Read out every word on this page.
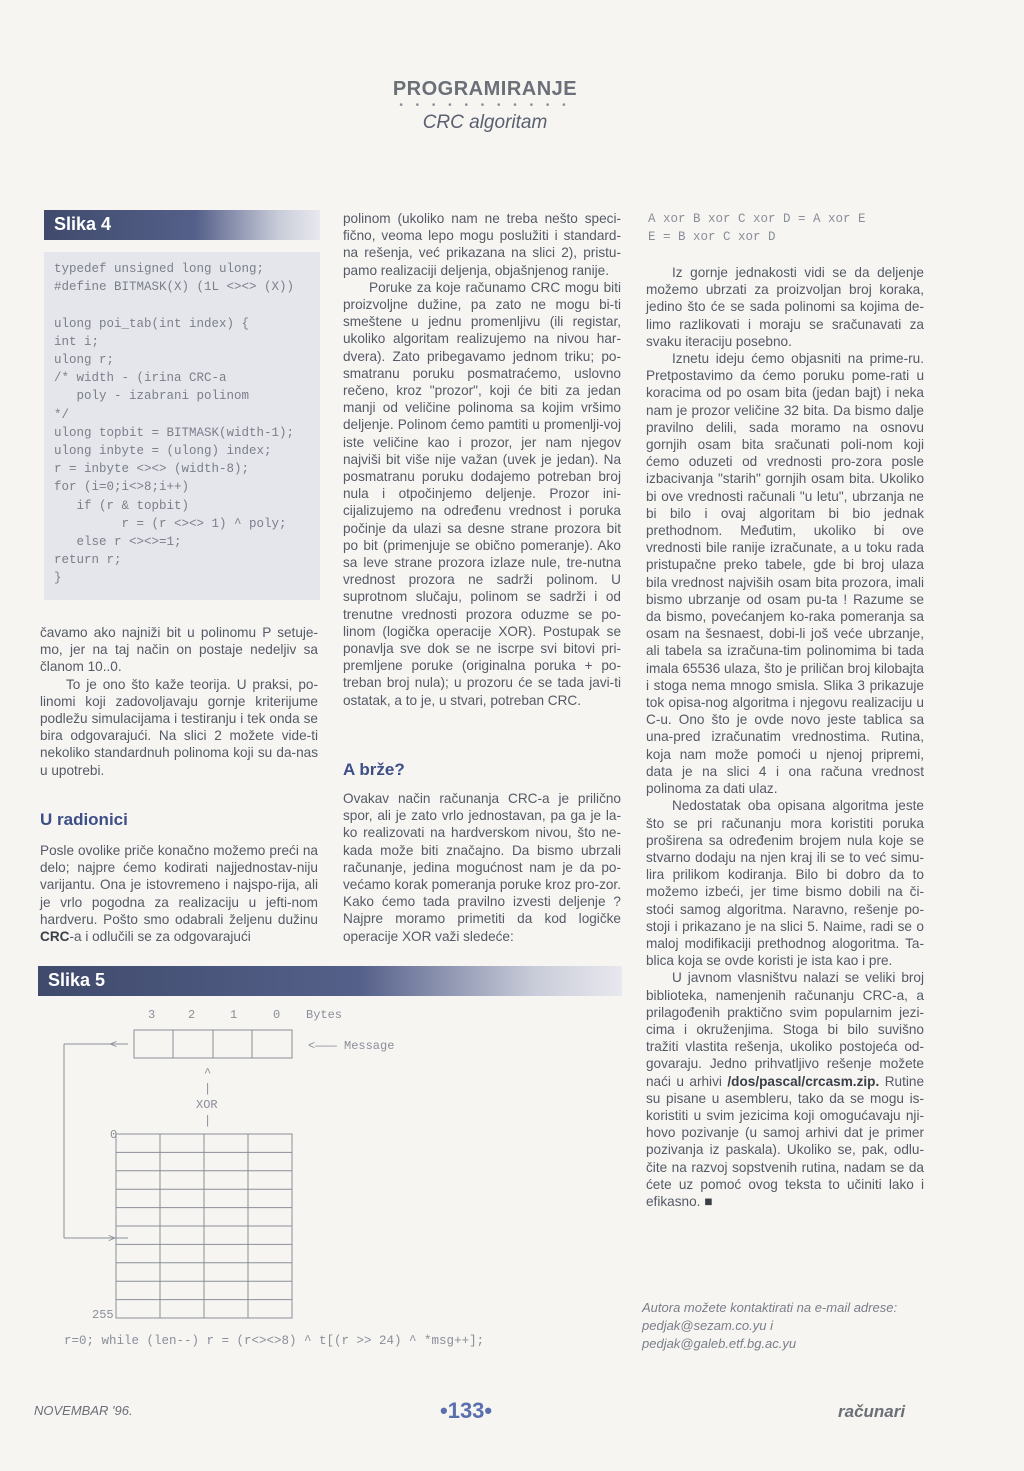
PROGRAMIRANJE
• • • • • • • • • • •
CRC algoritam
Slika 4
typedef unsigned long ulong;
#define BITMASK(X) (1L <><> (X))

ulong poi_tab(int index) {
int i;
ulong r;
/* width - (irina CRC-a
poly - izabrani polinom
*/
ulong topbit = BITMASK(width-1);
ulong inbyte = (ulong) index;
r = inbyte <><> (width-8);
for (i=0;i<>8;i++)
if (r & topbit)
r = (r <><> 1) ^ poly;
else r <><>=1;
return r;
}

čavamo ako najniži bit u polinomu P setuje-mo, jer na taj način on postaje nedeljiv sa članom 10..0.

To je ono što kaže teorija. U praksi, po-linomi koji zadovoljavaju gornje kriterijume podležu simulacijama i testiranju i tek onda se bira odgovarajući. Na slici 2 možete vide-ti nekoliko standardnuh polinoma koji su da-nas u upotrebi.

U radionici

Posle ovolike priče konačno možemo preći na delo; najpre ćemo kodirati najjednostav-niju varijantu. Ona je istovremeno i najspo-rija, ali je vrlo pogodna za realizaciju u jefti-nom hardveru. Pošto smo odabrali željenu dužinu CRC-a i odlučili se za odgovarajući

polinom (ukoliko nam ne treba nešto speci-fično, veoma lepo mogu poslužiti i standard-na rešenja, već prikazana na slici 2), pristu-pamo realizaciji deljenja, objašnjenog ranije.

Poruke za koje računamo CRC mogu biti proizvoljne dužine, pa zato ne mogu bi-ti smeštene u jednu promenljivu (ili registar, ukoliko algoritam realizujemo na nivou har-dvera). Zato pribegavamo jednom triku; po-smatranu poruku posmatraćemo, uslovno rečeno, kroz "prozor", koji će biti za jedan manji od veličine polinoma sa kojim vršimo deljenje. Polinom ćemo pamtiti u promenlji-voj iste veličine kao i prozor, jer nam njegov najviši bit više nije važan (uvek je jedan). Na posmatranu poruku dodajemo potreban broj nula i otpočinjemo deljenje. Prozor ini-cijalizujemo na određenu vrednost i poruka počinje da ulazi sa desne strane prozora bit po bit (primenjuje se obično pomeranje). Ako sa leve strane prozora izlaze nule, tre-nutna vrednost prozora ne sadrži polinom. U suprotnom slučaju, polinom se sadrži i od trenutne vrednosti prozora oduzme se po-linom (logička operacije XOR). Postupak se ponavlja sve dok se ne iscrpe svi bitovi pri-premljene poruke (originalna poruka + po-treban broj nula); u prozoru će se tada javi-ti ostatak, a to je, u stvari, potreban CRC.

A brže?

Ovakav način računanja CRC-a je prilično spor, ali je zato vrlo jednostavan, pa ga je la-ko realizovati na hardverskom nivou, što ne-kada može biti značajno. Da bismo ubrzali računanje, jedina mogućnost nam je da po-većamo korak pomeranja poruke kroz pro-zor. Kako ćemo tada pravilno izvesti deljenje ? Najpre moramo primetiti da kod logičke operacije XOR važi sledeće:

A xor B xor C xor D = A xor E
E = B xor C xor D

Iz gornje jednakosti vidi se da deljenje možemo ubrzati za proizvoljan broj koraka, jedino što će se sada polinomi sa kojima de-limo razlikovati i moraju se sračunavati za svaku iteraciju posebno.

Iznetu ideju ćemo objasniti na prime-ru. Pretpostavimo da ćemo poruku pome-rati u koracima od po osam bita (jedan bajt) i neka nam je prozor veličine 32 bita. Da bismo dalje pravilno delili, sada moramo na osnovu gornjih osam bita sračunati poli-nom koji ćemo oduzeti od vrednosti pro-zora posle izbacivanja "starih" gornjih osam bita. Ukoliko bi ove vrednosti računali "u letu", ubrzanja ne bi bilo i ovaj algoritam bi bio jednak prethodnom. Međutim, ukoliko bi ove vrednosti bile ranije izračunate, a u toku rada pristupačne preko tabele, gde bi broj ulaza bila vrednost najviših osam bita prozora, imali bismo ubrzanje od osam pu-ta ! Razume se da bismo, povećanjem ko-raka pomeranja sa osam na šesnaest, dobi-li još veće ubrzanje, ali tabela sa izračuna-tim polinomima bi tada imala 65536 ulaza, što je priličan broj kilobajta i stoga nema mnogo smisla. Slika 3 prikazuje tok opisa-nog algoritma i njegovu realizaciju u C-u. Ono što je ovde novo jeste tablica sa una-pred izračunatim vrednostima. Rutina, koja nam može pomoći u njenoj pripremi, data je na slici 4 i ona računa vrednost polinoma za dati ulaz.

Nedostatak oba opisana algoritma jeste što se pri računanju mora koristiti poruka proširena sa određenim brojem nula koje se stvarno dodaju na njen kraj ili se to već simu-lira prilikom kodiranja. Bilo bi dobro da to možemo izbeći, jer time bismo dobili na či-stoći samog algoritma. Naravno, rešenje po-stoji i prikazano je na slici 5. Naime, radi se o maloj modifikaciji prethodnog alogoritma. Ta-blica koja se ovde koristi je ista kao i pre.

U javnom vlasništvu nalazi se veliki broj biblioteka, namenjenih računanju CRC-a, a prilagođenih praktično svim popularnim jezi-cima i okruženjima. Stoga bi bilo suvišno tražiti vlastita rešenja, ukoliko postojeća od-govaraju. Jedno prihvatljivo rešenje možete naći u arhivi /dos/pascal/crcasm.zip. Rutine su pisane u asembleru, tako da se mogu is-koristiti u svim jezicima koji omogućavaju nji-hovo pozivanje (u samoj arhivi dat je primer pozivanja iz paskala). Ukoliko se, pak, odlu-čite na razvoj sopstvenih rutina, nadam se da ćete uz pomoć ovog teksta to učiniti lako i efikasno. ■

Autora možete kontaktirati na e-mail adrese: pedjak@sezam.co.yu i pedjak@galeb.etf.bg.ac.yu
Slika 5
3	2	1	0 Bytes
<——— Message
<
>
^
|
XOR
|
0
255
r=0; while (len--) r = (r<><>8) ^ t[(r >> 24) ^ *msg++];
NOVEMBAR '96.	•133•	računari
